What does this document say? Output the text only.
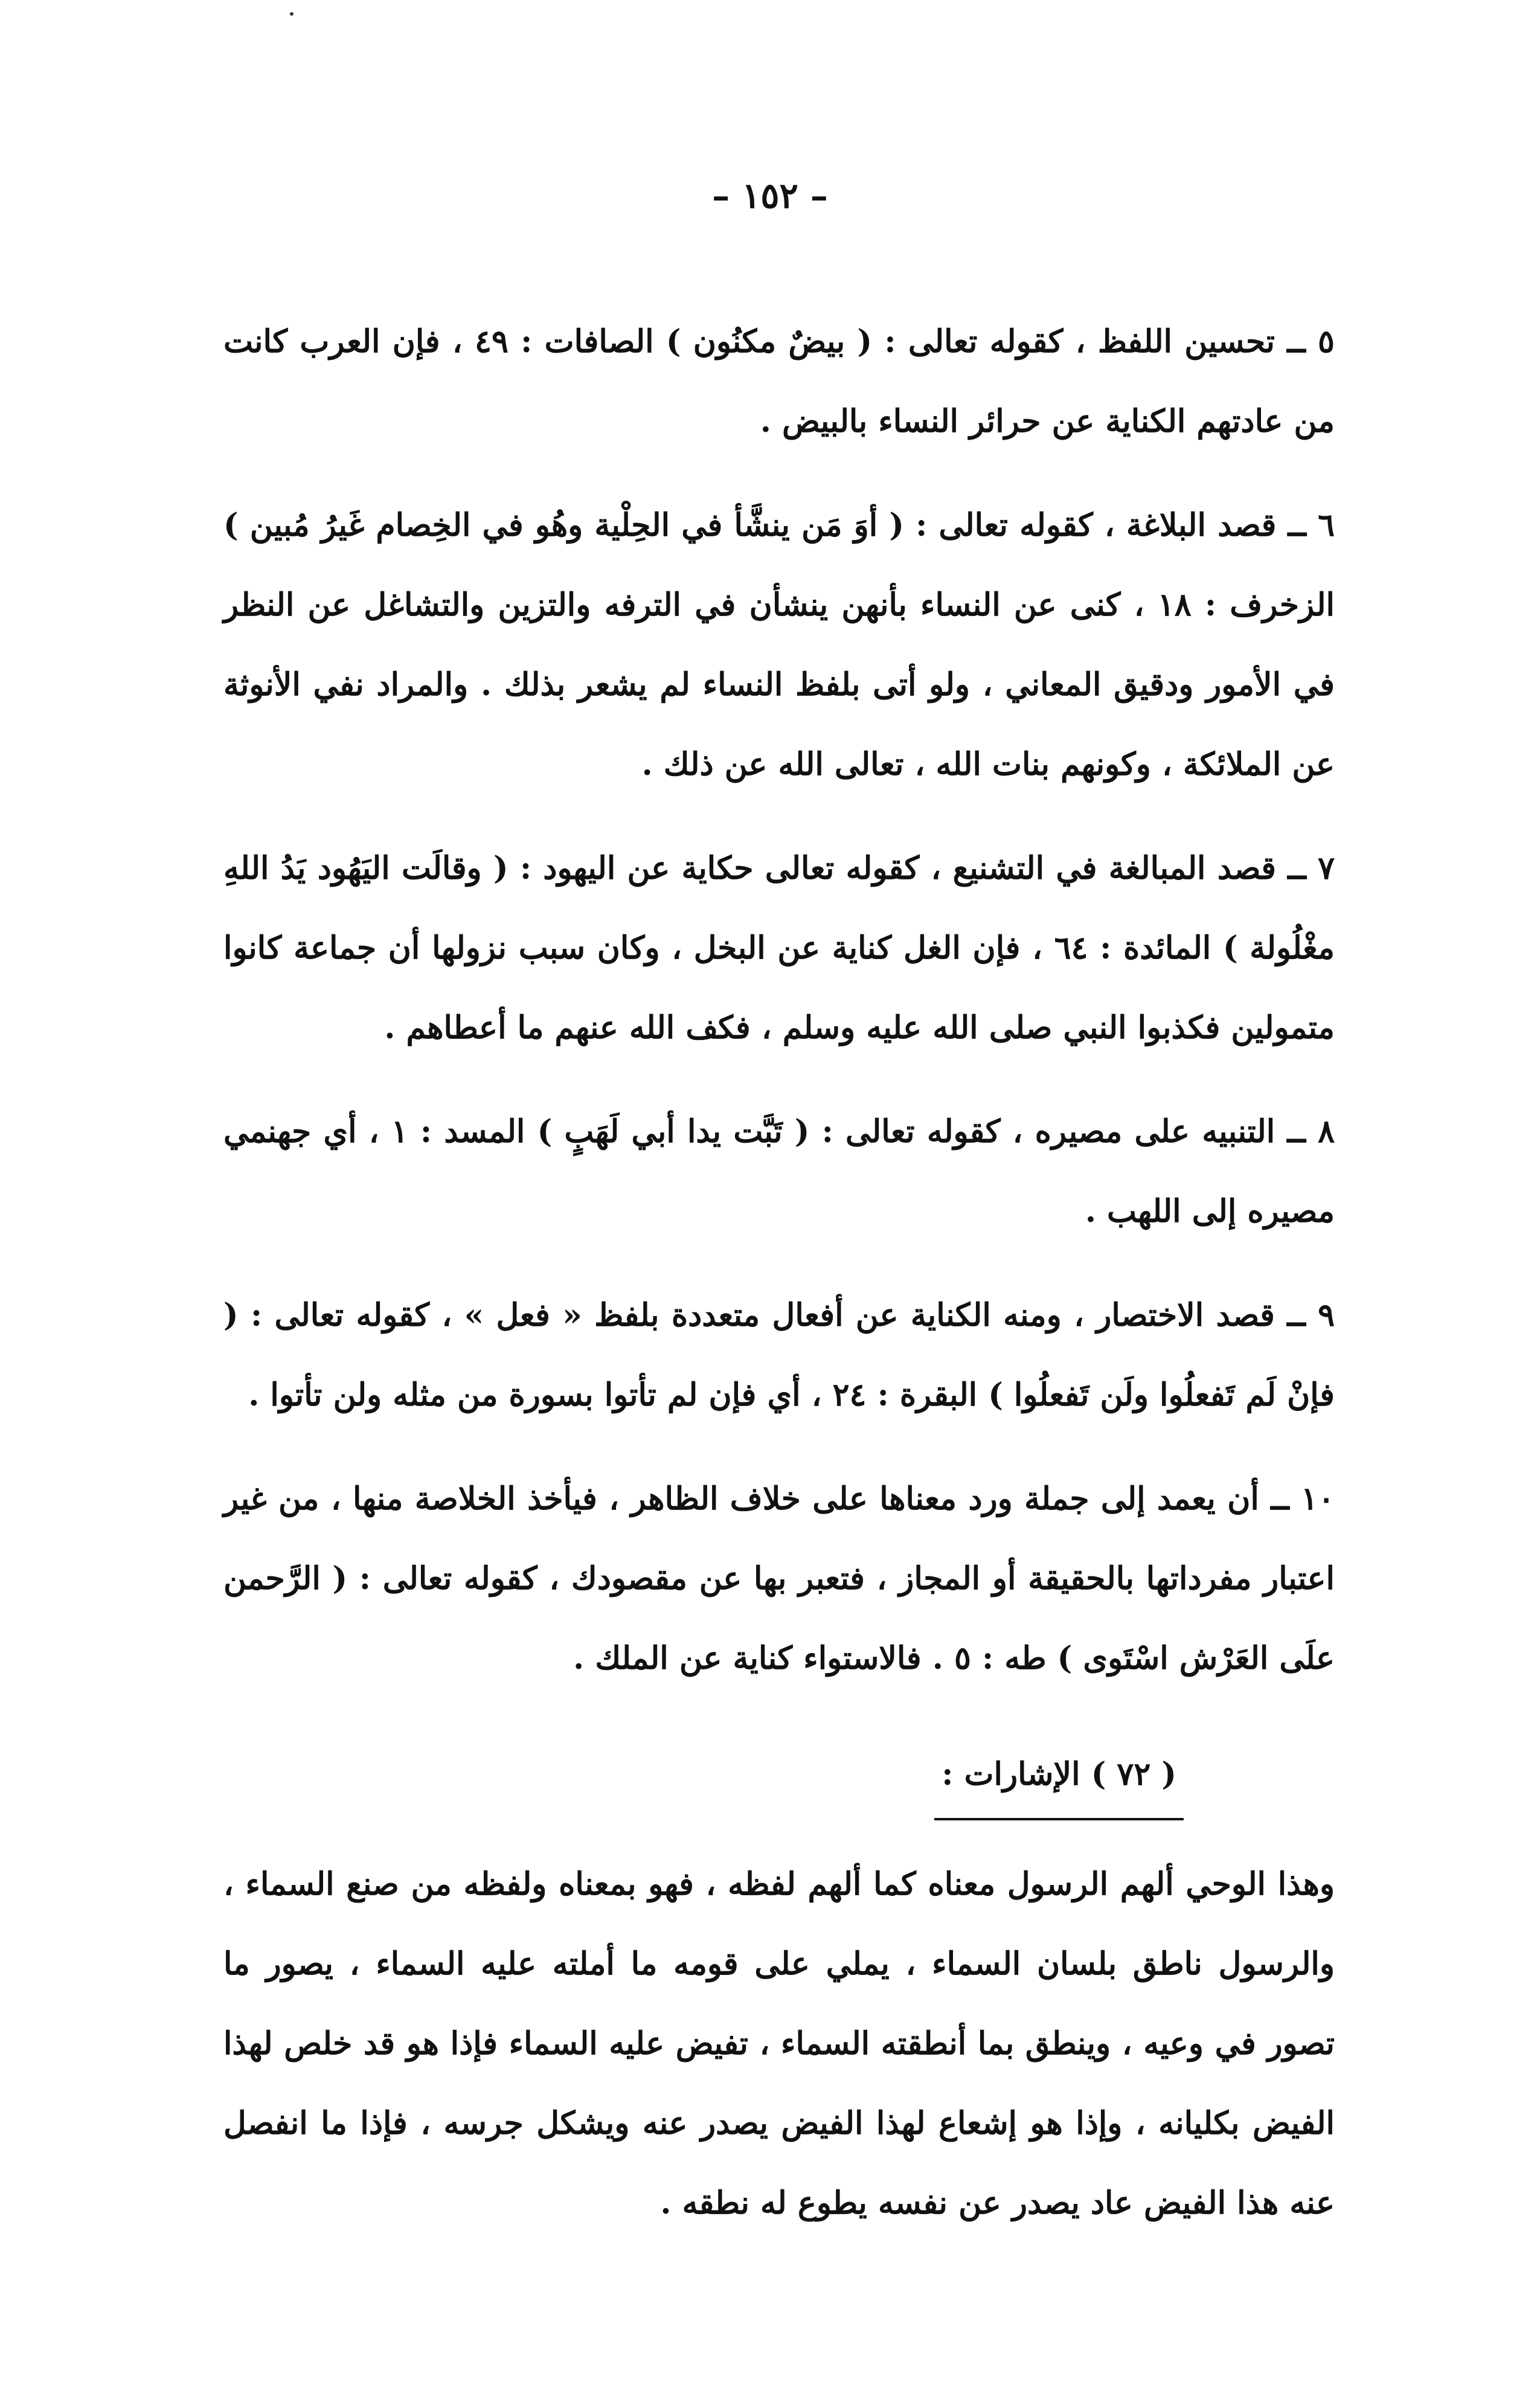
– ١٥٢ –

٥ ــ تحسين اللفظ ، كقوله تعالى : ( بيضٌ مكنُون ) الصافات : ٤٩ ، فإن العرب كانت من عادتهم الكناية عن حرائر النساء بالبيض .

٦ ــ قصد البلاغة ، كقوله تعالى : ( أوَ مَن ينشَّأ في الحِلْية وهُو في الخِصام غَيرُ مُبين ) الزخرف : ١٨ ، كنى عن النساء بأنهن ينشأن في الترفه والتزين والتشاغل عن النظر في الأمور ودقيق المعاني ، ولو أتى بلفظ النساء لم يشعر بذلك . والمراد نفي الأنوثة عن الملائكة ، وكونهم بنات الله ، تعالى الله عن ذلك .

٧ ــ قصد المبالغة في التشنيع ، كقوله تعالى حكاية عن اليهود : ( وقالَت اليَهُود يَدُ اللهِ مغْلُولة ) المائدة : ٦٤ ، فإن الغل كناية عن البخل ، وكان سبب نزولها أن جماعة كانوا متمولين فكذبوا النبي صلى الله عليه وسلم ، فكف الله عنهم ما أعطاهم .

٨ ــ التنبيه على مصيره ، كقوله تعالى : ( تَبَّت يدا أبي لَهَبٍ ) المسد : ١ ، أي جهنمي مصيره إلى اللهب .

٩ ــ قصد الاختصار ، ومنه الكناية عن أفعال متعددة بلفظ « فعل » ، كقوله تعالى : ( فإنْ لَم تَفعلُوا ولَن تَفعلُوا ) البقرة : ٢٤ ، أي فإن لم تأتوا بسورة من مثله ولن تأتوا .

١٠ ــ أن يعمد إلى جملة ورد معناها على خلاف الظاهر ، فيأخذ الخلاصة منها ، من غير اعتبار مفرداتها بالحقيقة أو المجاز ، فتعبر بها عن مقصودك ، كقوله تعالى : ( الرَّحمن علَى العَرْش اسْتَوى ) طه : ٥ . فالاستواء كناية عن الملك .

( ٧٢ ) الإشارات :

وهذا الوحي ألهم الرسول معناه كما ألهم لفظه ، فهو بمعناه ولفظه من صنع السماء ، والرسول ناطق بلسان السماء ، يملي على قومه ما أملته عليه السماء ، يصور ما تصور في وعيه ، وينطق بما أنطقته السماء ، تفيض عليه السماء فإذا هو قد خلص لهذا الفيض بكليانه ، وإذا هو إشعاع لهذا الفيض يصدر عنه ويشكل جرسه ، فإذا ما انفصل عنه هذا الفيض عاد يصدر عن نفسه يطوع له نطقه .
